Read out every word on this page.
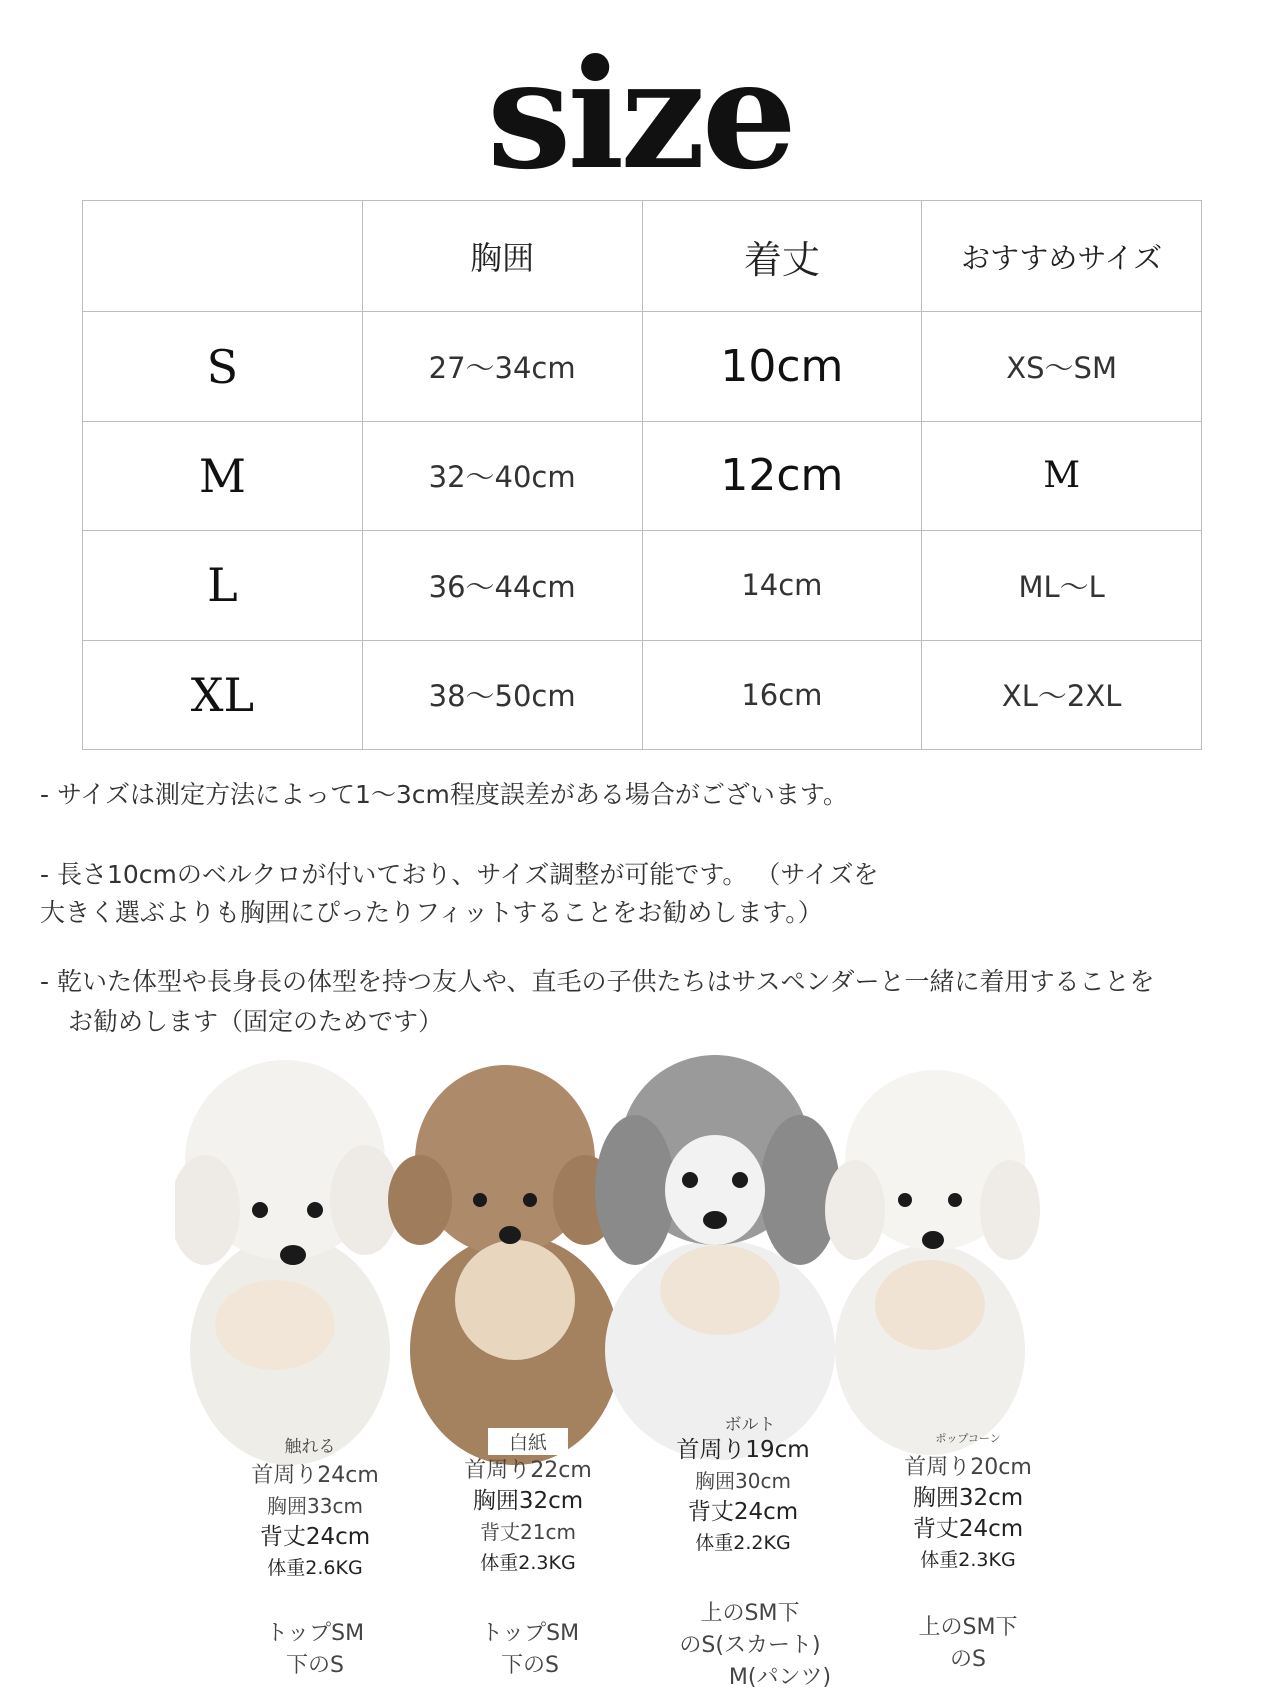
size
	胸囲	着丈	おすすめサイズ
S	27〜34cm	10cm	XS〜SM
M	32〜40cm	12cm	M
L	36〜44cm	14cm	ML〜L
XL	38〜50cm	16cm	XL〜2XL
- サイズは測定方法によって1〜3cm程度誤差がある場合がございます。
- 長さ10cmのベルクロが付いており、サイズ調整が可能です。 （サイズを
大きく選ぶよりも胸囲にぴったりフィットすることをお勧めします。）
- 乾いた体型や長身長の体型を持つ友人や、直毛の子供たちはサスペンダーと一緒に着用することを
お勧めします（固定のためです）
触れる	白紙
ボルト
ポップコーン
首周り24cm
胸囲33cm
背丈24cm
体重2.6KG
首周り22cm
胸囲32cm
背丈21cm
体重2.3KG
首周り19cm
胸囲30cm
背丈24cm
体重2.2KG
首周り20cm
胸囲32cm
背丈24cm
体重2.3KG
トップSM
下のS
トップSM
下のS
上のSM下
のS(スカート)
M(パンツ)
上のSM下
のS
